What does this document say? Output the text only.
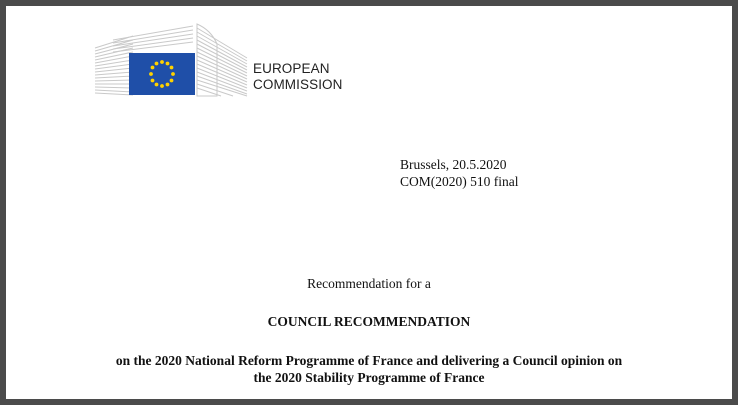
EUROPEAN
COMMISSION
Brussels, 20.5.2020
COM(2020) 510 final
Recommendation for a
COUNCIL RECOMMENDATION
on the 2020 National Reform Programme of France and delivering a Council opinion on
the 2020 Stability Programme of France
